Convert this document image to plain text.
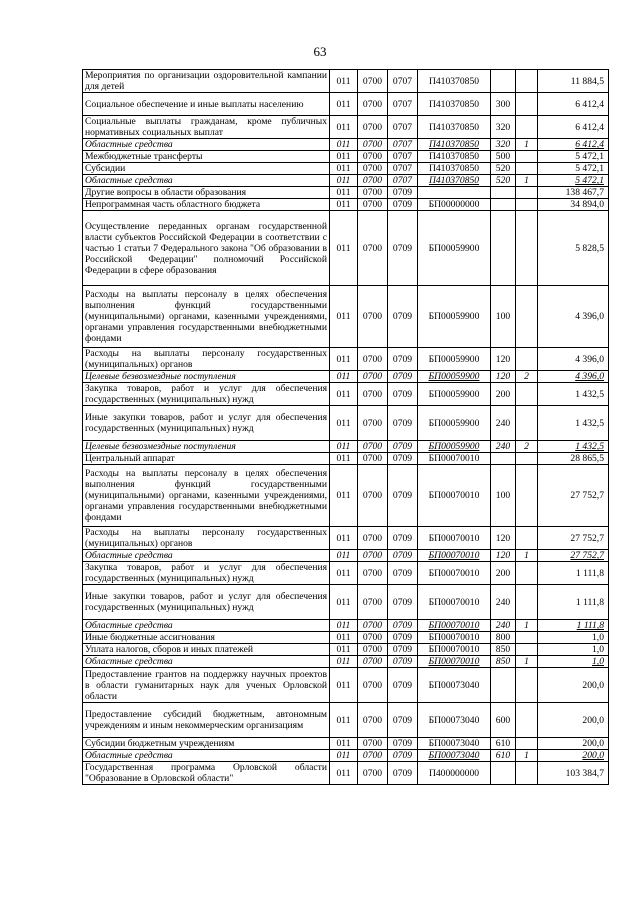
63
Мероприятия по организации оздоровительной кампании для детей	011	0700	0707	П410370850			11 884,5
Социальное обеспечение и иные выплаты населению	011	0700	0707	П410370850	300		6 412,4
Социальные выплаты гражданам, кроме публичных нормативных социальных выплат	011	0700	0707	П410370850	320		6 412,4
Областные средства	011	0700	0707	П410370850	320	1	6 412,4
Межбюджетные трансферты	011	0700	0707	П410370850	500		5 472,1
Субсидии	011	0700	0707	П410370850	520		5 472,1
Областные средства	011	0700	0707	П410370850	520	1	5 472,1
Другие вопросы в области образования	011	0700	0709				138 467,7
Непрограммная часть областного бюджета	011	0700	0709	БП00000000			34 894,0
Осуществление переданных органам государственной власти субъектов Российской Федерации в соответствии с частью 1 статьи 7 Федерального закона "Об образовании в Российской Федерации" полномочий Российской Федерации в сфере образования	011	0700	0709	БП00059900			5 828,5
Расходы на выплаты персоналу в целях обеспечения выполнения функций государственными (муниципальными) органами, казенными учреждениями, органами управления государственными внебюджетными фондами	011	0700	0709	БП00059900	100		4 396,0
Расходы на выплаты персоналу государственных (муниципальных) органов	011	0700	0709	БП00059900	120		4 396,0
Целевые безвозмездные поступления	011	0700	0709	БП00059900	120	2	4 396,0
Закупка товаров, работ и услуг для обеспечения государственных (муниципальных) нужд	011	0700	0709	БП00059900	200		1 432,5
Иные закупки товаров, работ и услуг для обеспечения государственных (муниципальных) нужд	011	0700	0709	БП00059900	240		1 432,5
Целевые безвозмездные поступления	011	0700	0709	БП00059900	240	2	1 432,5
Центральный аппарат	011	0700	0709	БП00070010			28 865,5
Расходы на выплаты персоналу в целях обеспечения выполнения функций государственными (муниципальными) органами, казенными учреждениями, органами управления государственными внебюджетными фондами	011	0700	0709	БП00070010	100		27 752,7
Расходы на выплаты персоналу государственных (муниципальных) органов	011	0700	0709	БП00070010	120		27 752,7
Областные средства	011	0700	0709	БП00070010	120	1	27 752,7
Закупка товаров, работ и услуг для обеспечения государственных (муниципальных) нужд	011	0700	0709	БП00070010	200		1 111,8
Иные закупки товаров, работ и услуг для обеспечения государственных (муниципальных) нужд	011	0700	0709	БП00070010	240		1 111,8
Областные средства	011	0700	0709	БП00070010	240	1	1 111,8
Иные бюджетные ассигнования	011	0700	0709	БП00070010	800		1,0
Уплата налогов, сборов и иных платежей	011	0700	0709	БП00070010	850		1,0
Областные средства	011	0700	0709	БП00070010	850	1	1,0
Предоставление грантов на поддержку научных проектов в области гуманитарных наук для ученых Орловской области	011	0700	0709	БП00073040			200,0
Предоставление субсидий бюджетным, автономным учреждениям и иным некоммерческим организациям	011	0700	0709	БП00073040	600		200,0
Субсидии бюджетным учреждениям	011	0700	0709	БП00073040	610		200,0
Областные средства	011	0700	0709	БП00073040	610	1	200,0
Государственная программа Орловской области "Образование в Орловской области"	011	0700	0709	П400000000			103 384,7
